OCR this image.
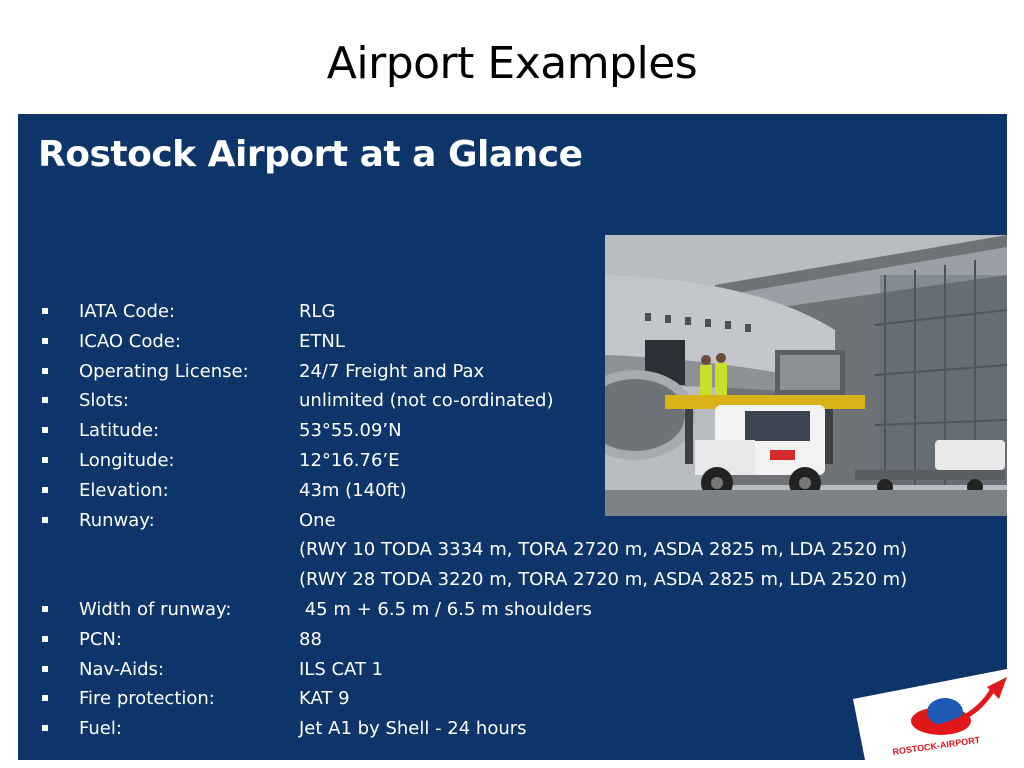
Airport Examples
Rostock Airport at a Glance
IATA Code:	RLG
ICAO Code:	ETNL
Operating License:	24/7 Freight and Pax
Slots:	unlimited (not co-ordinated)
Latitude:	53°55.09’N
Longitude:	12°16.76’E
Elevation:	43m (140ft)
Runway:	One
(RWY 10 TODA 3334 m, TORA 2720 m, ASDA 2825 m, LDA 2520 m)
(RWY 28 TODA 3220 m, TORA 2720 m, ASDA 2825 m, LDA 2520 m)
Width of runway:	45 m + 6.5 m / 6.5 m shoulders
PCN:	88
Nav-Aids:	ILS CAT 1
Fire protection:	KAT 9
Fuel:	Jet A1 by Shell - 24 hours
ROSTOCK-AIRPORT
